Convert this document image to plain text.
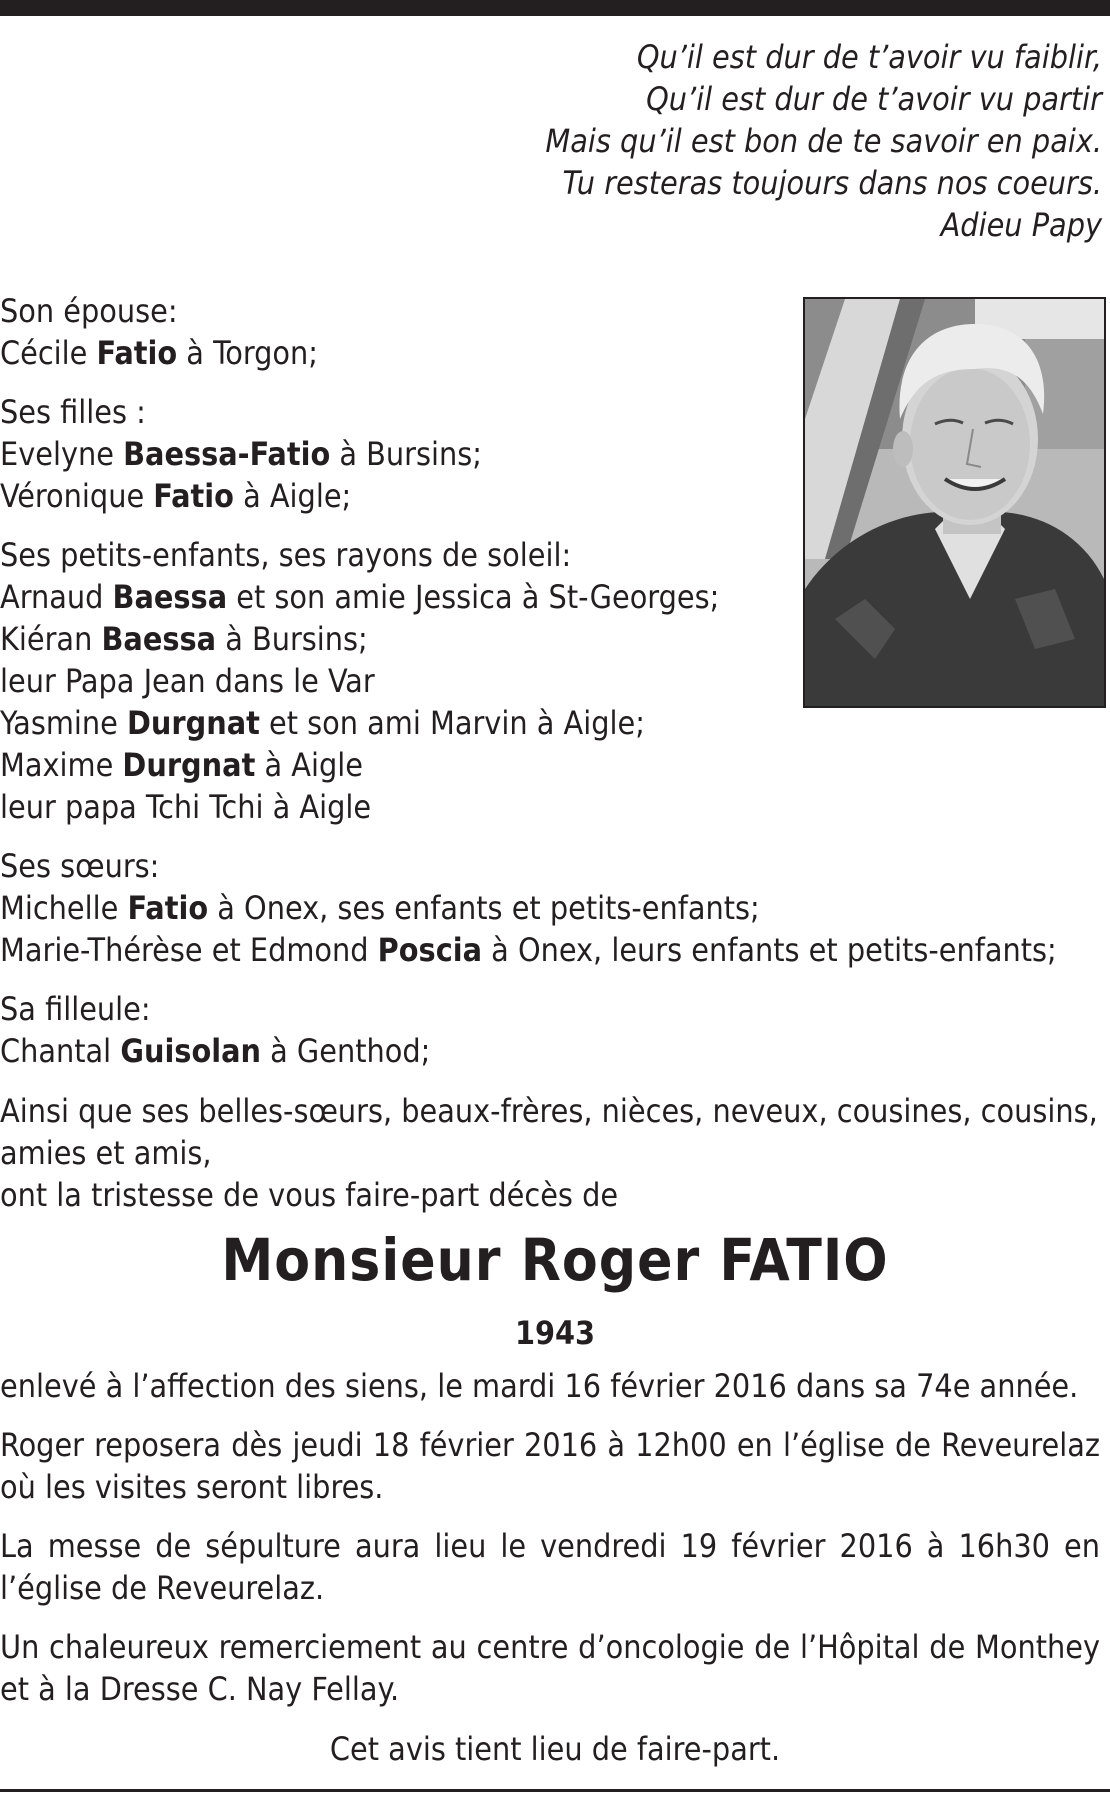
Qu’il est dur de t’avoir vu faiblir,
Qu’il est dur de t’avoir vu partir
Mais qu’il est bon de te savoir en paix.
Tu resteras toujours dans nos coeurs.
Adieu Papy
Son épouse:
Cécile Fatio à Torgon;
Ses filles :
Evelyne Baessa-Fatio à Bursins;
Véronique Fatio à Aigle;
Ses petits-enfants, ses rayons de soleil:
Arnaud Baessa et son amie Jessica à St-Georges;
Kiéran Baessa à Bursins;
leur Papa Jean dans le Var
Yasmine Durgnat et son ami Marvin à Aigle;
Maxime Durgnat à Aigle
leur papa Tchi Tchi à Aigle
Ses sœurs:
Michelle Fatio à Onex, ses enfants et petits-enfants;
Marie-Thérèse et Edmond Poscia à Onex, leurs enfants et petits-enfants;
Sa filleule:
Chantal Guisolan à Genthod;
Ainsi que ses belles-sœurs, beaux-frères, nièces, neveux, cousines, cousins,
amies et amis,
ont la tristesse de vous faire-part décès de
Monsieur Roger FATIO
1943

enlevé à l’affection des siens, le mardi 16 février 2016 dans sa 74e année.

Roger reposera dès jeudi 18 février 2016 à 12h00 en l’église de Reveurelaz où les visites seront libres.

La messe de sépulture aura lieu le vendredi 19 février 2016 à 16h30 en l’église de Reveurelaz.

Un chaleureux remerciement au centre d’oncologie de l’Hôpital de Monthey et à la Dresse C. Nay Fellay.

Cet avis tient lieu de faire-part.
